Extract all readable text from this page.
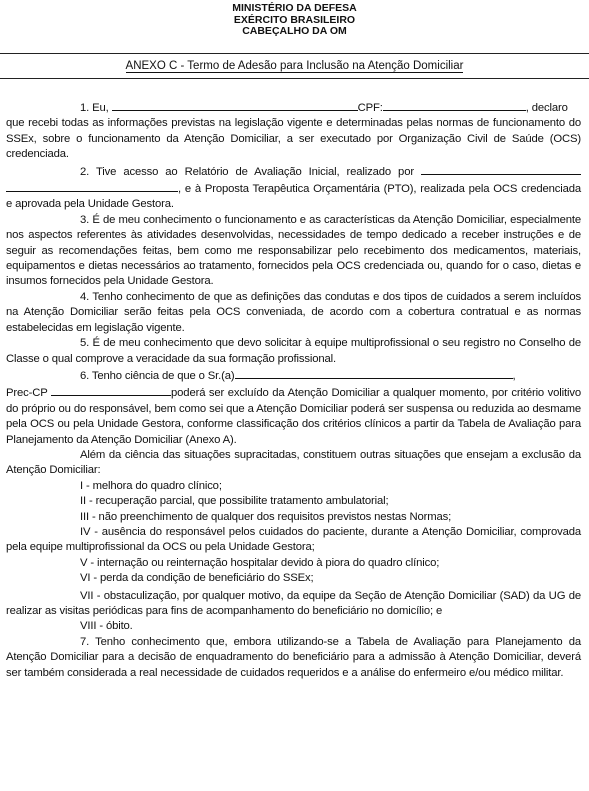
MINISTÉRIO DA DEFESA
EXÉRCITO BRASILEIRO
CABEÇALHO DA OM
ANEXO C - Termo de Adesão para Inclusão na Atenção Domiciliar

1. Eu,	CPF:	, declaro

que recebi todas as informações previstas na legislação vigente e determinadas pelas normas de funcionamento do SSEx, sobre o funcionamento da Atenção Domiciliar, a ser executado por Organização Civil de Saúde (OCS) credenciada.

2. Tive acesso ao Relatório de Avaliação Inicial, realizado por  , e à Proposta Terapêutica Orçamentária (PTO), realizada pela OCS credenciada e aprovada pela Unidade Gestora.

3. É de meu conhecimento o funcionamento e as características da Atenção Domiciliar, especialmente nos aspectos referentes às atividades desenvolvidas, necessidades de tempo dedicado a receber instruções e de seguir as recomendações feitas, bem como me responsabilizar pelo recebimento dos medicamentos, materiais, equipamentos e dietas necessários ao tratamento, fornecidos pela OCS credenciada ou, quando for o caso, dietas e insumos fornecidos pela Unidade Gestora.

4. Tenho conhecimento de que as definições das condutas e dos tipos de cuidados a serem incluídos na Atenção Domiciliar serão feitas pela OCS conveniada, de acordo com a cobertura contratual e as normas estabelecidas em legislação vigente.

5. É de meu conhecimento que devo solicitar à equipe multiprofissional o seu registro no Conselho de Classe o qual comprove a veracidade da sua formação profissional.

6. Tenho ciência de que o Sr.(a)	,

Prec-CP	poderá ser excluído da Atenção Domiciliar a qualquer momento, por critério volitivo do próprio ou do responsável, bem como sei que a Atenção Domiciliar poderá ser suspensa ou reduzida ao desmame pela OCS ou pela Unidade Gestora, conforme classificação dos critérios clínicos a partir da Tabela de Avaliação para Planejamento da Atenção Domiciliar (Anexo A).

Além da ciência das situações supracitadas, constituem outras situações que ensejam a exclusão da Atenção Domiciliar:

I - melhora do quadro clínico;

II - recuperação parcial, que possibilite tratamento ambulatorial;

III - não preenchimento de qualquer dos requisitos previstos nestas Normas;

IV - ausência do responsável pelos cuidados do paciente, durante a Atenção Domiciliar, comprovada pela equipe multiprofissional da OCS ou pela Unidade Gestora;

V - internação ou reinternação hospitalar devido à piora do quadro clínico;

VI - perda da condição de beneficiário do SSEx;

VII - obstaculização, por qualquer motivo, da equipe da Seção de Atenção Domiciliar (SAD) da UG de realizar as visitas periódicas para fins de acompanhamento do beneficiário no domicílio; e

VIII - óbito.

7. Tenho conhecimento que, embora utilizando-se a Tabela de Avaliação para Planejamento da Atenção Domiciliar para a decisão de enquadramento do beneficiário para a admissão à Atenção Domiciliar, deverá ser também considerada a real necessidade de cuidados requeridos e a análise do enfermeiro e/ou médico militar.
